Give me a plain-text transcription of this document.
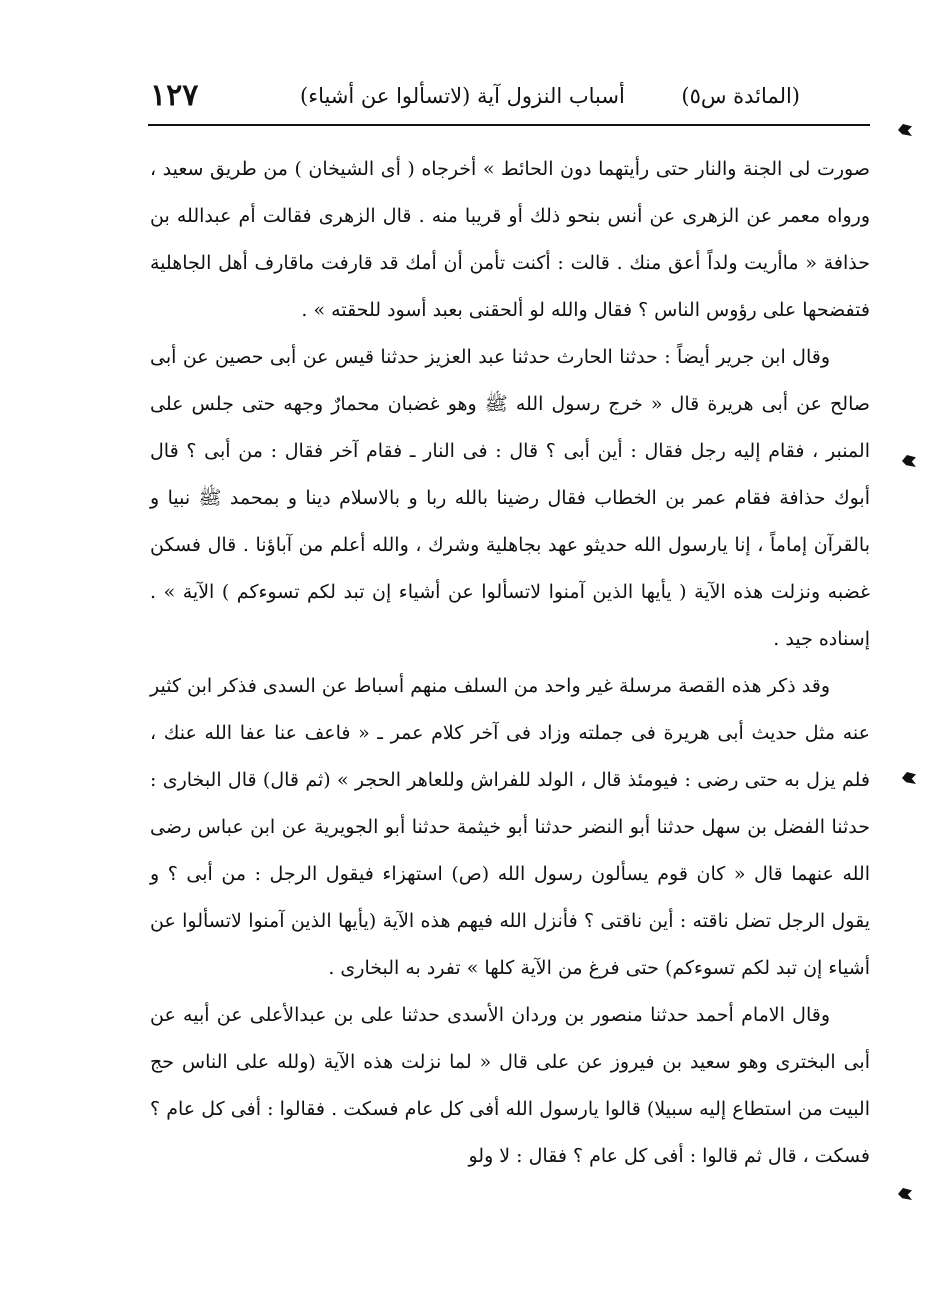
(المائدة س٥)
أسباب النزول آية (لاتسألوا عن أشياء)
١٢٧

صورت لى الجنة والنار حتى رأيتهما دون الحائط » أخرجاه ( أى الشيخان ) من طريق سعيد ، ورواه معمر عن الزهرى عن أنس بنحو ذلك أو قريبا منه . قال الزهرى فقالت أم عبدالله بن حذافة « ماأريت ولداً أعق منك . قالت : أكنت تأمن أن أمك قد قارفت ماقارف أهل الجاهلية فتفضحها على رؤوس الناس ؟ فقال والله لو ألحقنى بعبد أسود للحقته » .

وقال ابن جرير أيضاً : حدثنا الحارث حدثنا عبد العزيز حدثنا قيس عن أبى حصين عن أبى صالح عن أبى هريرة قال « خرج رسول الله ﷺ وهو غضبان محمارٌ وجهه حتى جلس على المنبر ، فقام إليه رجل فقال : أين أبى ؟ قال : فى النار ـ فقام آخر فقال : من أبى ؟ قال أبوك حذافة فقام عمر بن الخطاب فقال رضينا بالله ربا و بالاسلام دينا و بمحمد ﷺ نبيا و بالقرآن إماماً ، إنا يارسول الله حديثو عهد بجاهلية وشرك ، والله أعلم من آباؤنا . قال فسكن غضبه ونزلت هذه الآية ( يأيها الذين آمنوا لاتسألوا عن أشياء إن تبد لكم تسوءكم ) الآية » . إسناده جيد .

وقد ذكر هذه القصة مرسلة غير واحد من السلف منهم أسباط عن السدى فذكر ابن كثير عنه مثل حديث أبى هريرة فى جملته وزاد فى آخر كلام عمر ـ « فاعف عنا عفا الله عنك ، فلم يزل به حتى رضى : فيومئذ قال ، الولد للفراش وللعاهر الحجر » (ثم قال) قال البخارى : حدثنا الفضل بن سهل حدثنا أبو النضر حدثنا أبو خيثمة حدثنا أبو الجويرية عن ابن عباس رضى الله عنهما قال « كان قوم يسألون رسول الله (ص) استهزاء فيقول الرجل : من أبى ؟ و يقول الرجل تضل ناقته : أين ناقتى ؟ فأنزل الله فيهم هذه الآية (يأيها الذين آمنوا لاتسألوا عن أشياء إن تبد لكم تسوءكم) حتى فرغ من الآية كلها » تفرد به البخارى .

وقال الامام أحمد حدثنا منصور بن وردان الأسدى حدثنا على بن عبدالأعلى عن أبيه عن أبى البخترى وهو سعيد بن فيروز عن على قال « لما نزلت هذه الآية (ولله على الناس حج البيت من استطاع إليه سبيلا) قالوا يارسول الله أفى كل عام فسكت . فقالوا : أفى كل عام ؟ فسكت ، قال ثم قالوا : أفى كل عام ؟ فقال : لا ولو
